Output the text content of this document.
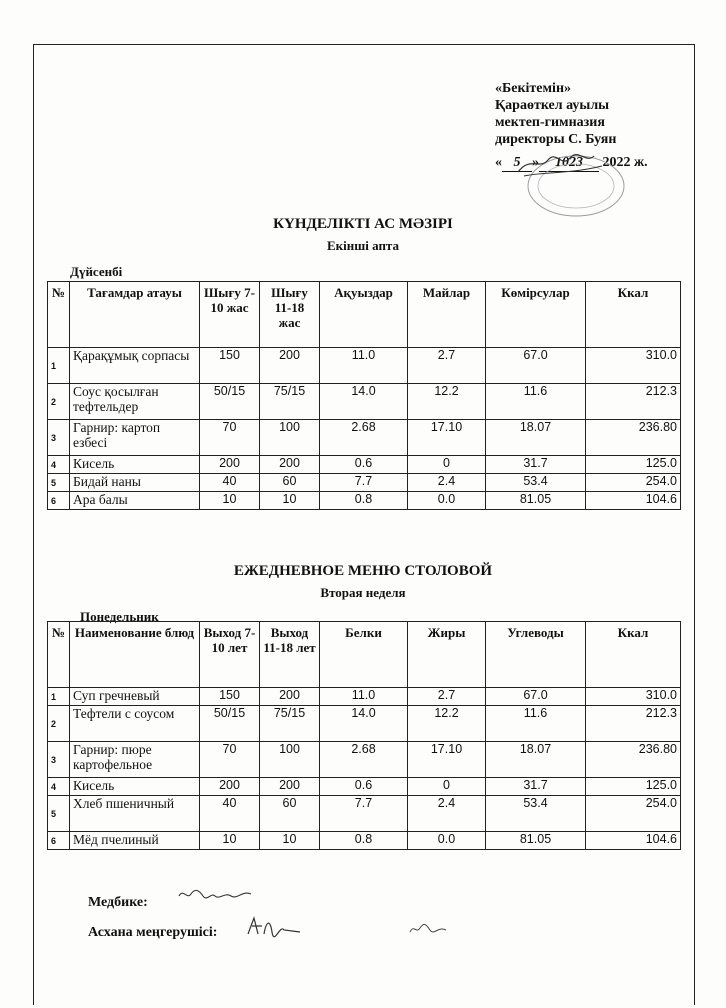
«Бекітемін»
Қараөткел ауылы
мектеп-гимназия
директоры С. Буян
« 5 » 1023 2022 ж.
КҮНДЕЛІКТІ АС МӘЗІРІ
Екінші апта
Дүйсенбі
№	Тағамдар атауы	Шығу 7-10 жас	Шығу 11-18 жас	Ақуыздар	Майлар	Көмірсулар	Ккал
1	Қарақұмық сорпасы	150	200	11.0	2.7	67.0	310.0
2	Соус қосылған тефтельдер	50/15	75/15	14.0	12.2	11.6	212.3
3	Гарнир: картоп езбесі	70	100	2.68	17.10	18.07	236.80
4	Кисель	200	200	0.6	0	31.7	125.0
5	Бидай наны	40	60	7.7	2.4	53.4	254.0
6	Ара балы	10	10	0.8	0.0	81.05	104.6
ЕЖЕДНЕВНОЕ МЕНЮ СТОЛОВОЙ
Вторая неделя
Понедельник
№	Наименование блюд	Выход 7-10 лет	Выход 11-18 лет	Белки	Жиры	Углеводы	Ккал
1	Суп гречневый	150	200	11.0	2.7	67.0	310.0
2	Тефтели с соусом	50/15	75/15	14.0	12.2	11.6	212.3
3	Гарнир: пюре картофельное	70	100	2.68	17.10	18.07	236.80
4	Кисель	200	200	0.6	0	31.7	125.0
5	Хлеб пшеничный	40	60	7.7	2.4	53.4	254.0
6	Мёд пчелиный	10	10	0.8	0.0	81.05	104.6
Медбике:
Асхана меңгерушісі:
